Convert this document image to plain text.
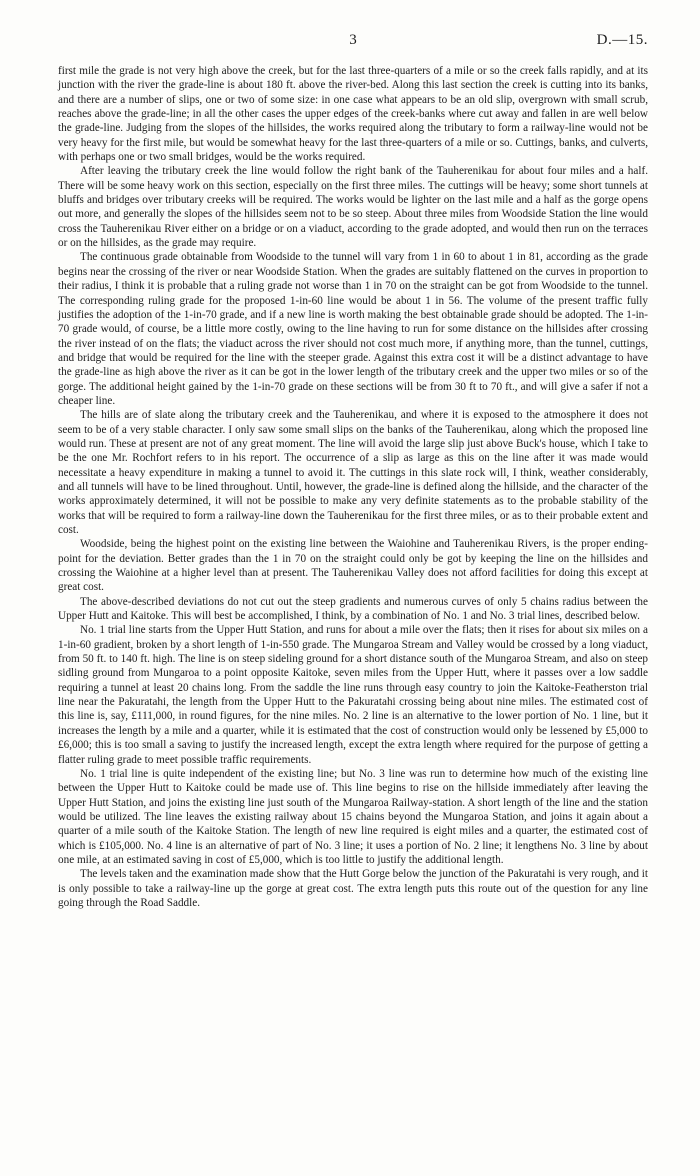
3	D.—15.

first mile the grade is not very high above the creek, but for the last three-quarters of a mile or so the creek falls rapidly, and at its junction with the river the grade-line is about 180 ft. above the river-bed. Along this last section the creek is cutting into its banks, and there are a number of slips, one or two of some size: in one case what appears to be an old slip, overgrown with small scrub, reaches above the grade-line; in all the other cases the upper edges of the creek-banks where cut away and fallen in are well below the grade-line. Judging from the slopes of the hillsides, the works required along the tributary to form a railway-line would not be very heavy for the first mile, but would be somewhat heavy for the last three-quarters of a mile or so. Cuttings, banks, and culverts, with perhaps one or two small bridges, would be the works required.

After leaving the tributary creek the line would follow the right bank of the Tauherenikau for about four miles and a half. There will be some heavy work on this section, especially on the first three miles. The cuttings will be heavy; some short tunnels at bluffs and bridges over tributary creeks will be required. The works would be lighter on the last mile and a half as the gorge opens out more, and generally the slopes of the hillsides seem not to be so steep. About three miles from Woodside Station the line would cross the Tauherenikau River either on a bridge or on a viaduct, according to the grade adopted, and would then run on the terraces or on the hillsides, as the grade may require.

The continuous grade obtainable from Woodside to the tunnel will vary from 1 in 60 to about 1 in 81, according as the grade begins near the crossing of the river or near Woodside Station. When the grades are suitably flattened on the curves in proportion to their radius, I think it is probable that a ruling grade not worse than 1 in 70 on the straight can be got from Woodside to the tunnel. The corresponding ruling grade for the proposed 1-in-60 line would be about 1 in 56. The volume of the present traffic fully justifies the adoption of the 1-in-70 grade, and if a new line is worth making the best obtainable grade should be adopted. The 1-in-70 grade would, of course, be a little more costly, owing to the line having to run for some distance on the hillsides after crossing the river instead of on the flats; the viaduct across the river should not cost much more, if anything more, than the tunnel, cuttings, and bridge that would be required for the line with the steeper grade. Against this extra cost it will be a distinct advantage to have the grade-line as high above the river as it can be got in the lower length of the tributary creek and the upper two miles or so of the gorge. The additional height gained by the 1-in-70 grade on these sections will be from 30 ft to 70 ft., and will give a safer if not a cheaper line.

The hills are of slate along the tributary creek and the Tauherenikau, and where it is exposed to the atmosphere it does not seem to be of a very stable character. I only saw some small slips on the banks of the Tauherenikau, along which the proposed line would run. These at present are not of any great moment. The line will avoid the large slip just above Buck's house, which I take to be the one Mr. Rochfort refers to in his report. The occurrence of a slip as large as this on the line after it was made would necessitate a heavy expenditure in making a tunnel to avoid it. The cuttings in this slate rock will, I think, weather considerably, and all tunnels will have to be lined throughout. Until, however, the grade-line is defined along the hillside, and the character of the works approximately determined, it will not be possible to make any very definite statements as to the probable stability of the works that will be required to form a railway-line down the Tauherenikau for the first three miles, or as to their probable extent and cost.

Woodside, being the highest point on the existing line between the Waiohine and Tauherenikau Rivers, is the proper ending-point for the deviation. Better grades than the 1 in 70 on the straight could only be got by keeping the line on the hillsides and crossing the Waiohine at a higher level than at present. The Tauherenikau Valley does not afford facilities for doing this except at great cost.

The above-described deviations do not cut out the steep gradients and numerous curves of only 5 chains radius between the Upper Hutt and Kaitoke. This will best be accomplished, I think, by a combination of No. 1 and No. 3 trial lines, described below.

No. 1 trial line starts from the Upper Hutt Station, and runs for about a mile over the flats; then it rises for about six miles on a 1-in-60 gradient, broken by a short length of 1-in-550 grade. The Mungaroa Stream and Valley would be crossed by a long viaduct, from 50 ft. to 140 ft. high. The line is on steep sideling ground for a short distance south of the Mungaroa Stream, and also on steep sidling ground from Mungaroa to a point opposite Kaitoke, seven miles from the Upper Hutt, where it passes over a low saddle requiring a tunnel at least 20 chains long. From the saddle the line runs through easy country to join the Kaitoke-Featherston trial line near the Pakuratahi, the length from the Upper Hutt to the Pakuratahi crossing being about nine miles. The estimated cost of this line is, say, £111,000, in round figures, for the nine miles. No. 2 line is an alternative to the lower portion of No. 1 line, but it increases the length by a mile and a quarter, while it is estimated that the cost of construction would only be lessened by £5,000 to £6,000; this is too small a saving to justify the increased length, except the extra length where required for the purpose of getting a flatter ruling grade to meet possible traffic requirements.

No. 1 trial line is quite independent of the existing line; but No. 3 line was run to determine how much of the existing line between the Upper Hutt to Kaitoke could be made use of. This line begins to rise on the hillside immediately after leaving the Upper Hutt Station, and joins the existing line just south of the Mungaroa Railway-station. A short length of the line and the station would be utilized. The line leaves the existing railway about 15 chains beyond the Mungaroa Station, and joins it again about a quarter of a mile south of the Kaitoke Station. The length of new line required is eight miles and a quarter, the estimated cost of which is £105,000. No. 4 line is an alternative of part of No. 3 line; it uses a portion of No. 2 line; it lengthens No. 3 line by about one mile, at an estimated saving in cost of £5,000, which is too little to justify the additional length.

The levels taken and the examination made show that the Hutt Gorge below the junction of the Pakuratahi is very rough, and it is only possible to take a railway-line up the gorge at great cost. The extra length puts this route out of the question for any line going through the Road Saddle.
